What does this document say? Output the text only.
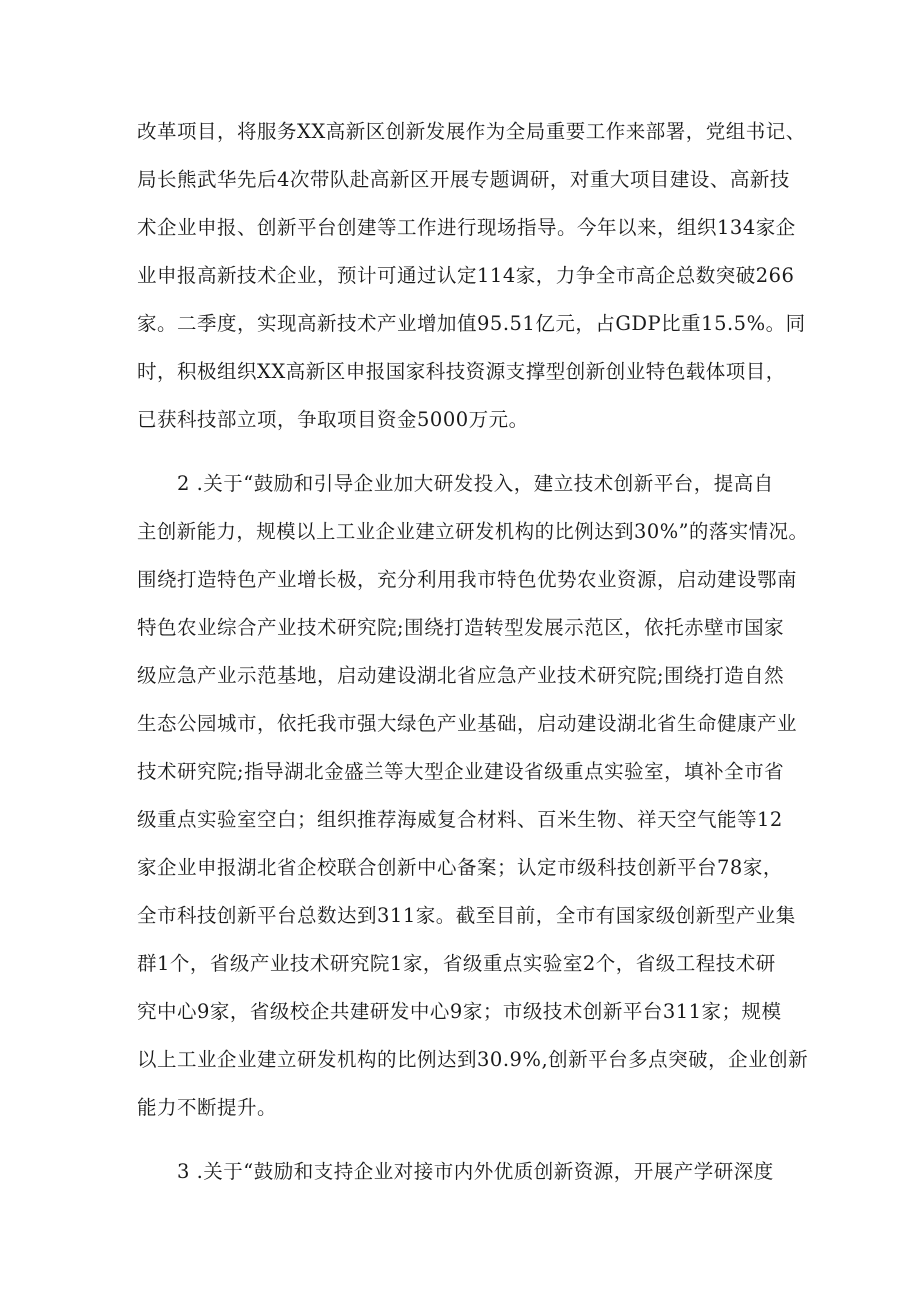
改革项目，将服务XX高新区创新发展作为全局重要工作来部署，党组书记、
局长熊武华先后4次带队赴高新区开展专题调研，对重大项目建设、高新技
术企业申报、创新平台创建等工作进行现场指导。今年以来，组织134家企
业申报高新技术企业，预计可通过认定114家，力争全市高企总数突破266
家。二季度，实现高新技术产业增加值95.51亿元，占GDP比重15.5%。同
时，积极组织XX高新区申报国家科技资源支撑型创新创业特色载体项目，
已获科技部立项，争取项目资金5000万元。
2 .关于“鼓励和引导企业加大研发投入，建立技术创新平台，提高自
主创新能力，规模以上工业企业建立研发机构的比例达到30%”的落实情况。
围绕打造特色产业增长极，充分利用我市特色优势农业资源，启动建设鄂南
特色农业综合产业技术研究院;围绕打造转型发展示范区，依托赤壁市国家
级应急产业示范基地，启动建设湖北省应急产业技术研究院;围绕打造自然
生态公园城市，依托我市强大绿色产业基础，启动建设湖北省生命健康产业
技术研究院;指导湖北金盛兰等大型企业建设省级重点实验室，填补全市省
级重点实验室空白；组织推荐海威复合材料、百米生物、祥天空气能等12
家企业申报湖北省企校联合创新中心备案；认定市级科技创新平台78家，
全市科技创新平台总数达到311家。截至目前，全市有国家级创新型产业集
群1个，省级产业技术研究院1家，省级重点实验室2个，省级工程技术研
究中心9家，省级校企共建研发中心9家；市级技术创新平台311家；规模
以上工业企业建立研发机构的比例达到30.9%,创新平台多点突破，企业创新
能力不断提升。
3 .关于“鼓励和支持企业对接市内外优质创新资源，开展产学研深度
